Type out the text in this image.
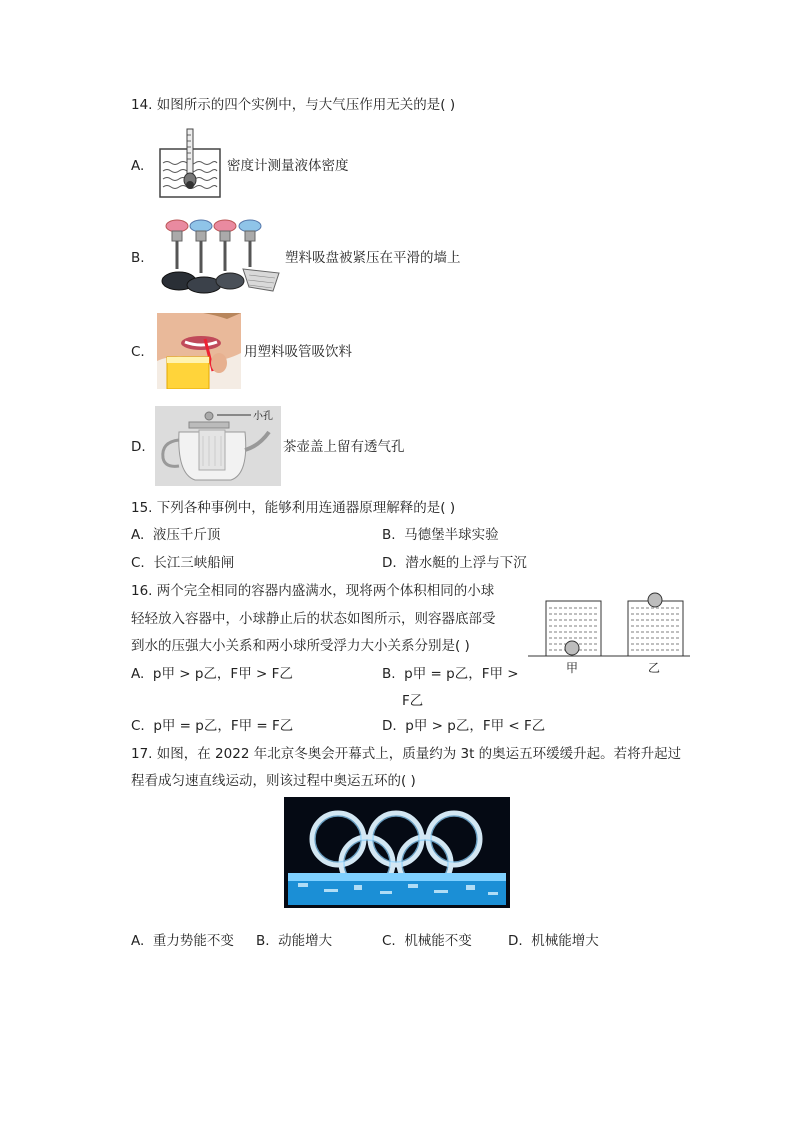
14. 如图所示的四个实例中，与大气压作用无关的是( )
A.	密度计测量液体密度
B.	塑料吸盘被紧压在平滑的墙上
C.	用塑料吸管吸饮料
D.
小孔
茶壶盖上留有透气孔
15. 下列各种事例中，能够利用连通器原理解释的是( )
A. 液压千斤顶	B. 马德堡半球实验
C. 长江三峡船闸	D. 潜水艇的上浮与下沉
16. 两个完全相同的容器内盛满水，现将两个体积相同的小球
轻轻放入容器中，小球静止后的状态如图所示，则容器底部受
到水的压强大小关系和两小球所受浮力大小关系分别是( )
A. p甲 > p乙，F甲 > F乙	B. p甲 = p乙，F甲 >
F乙
C. p甲 = p乙，F甲 = F乙	D. p甲 > p乙，F甲 < F乙
甲	乙
17. 如图，在 2022 年北京冬奥会开幕式上，质量约为 3t 的奥运五环缓缓升起。若将升起过
程看成匀速直线运动，则该过程中奥运五环的( )
A. 重力势能不变 B. 动能增大	C. 机械能不变	D. 机械能增大
